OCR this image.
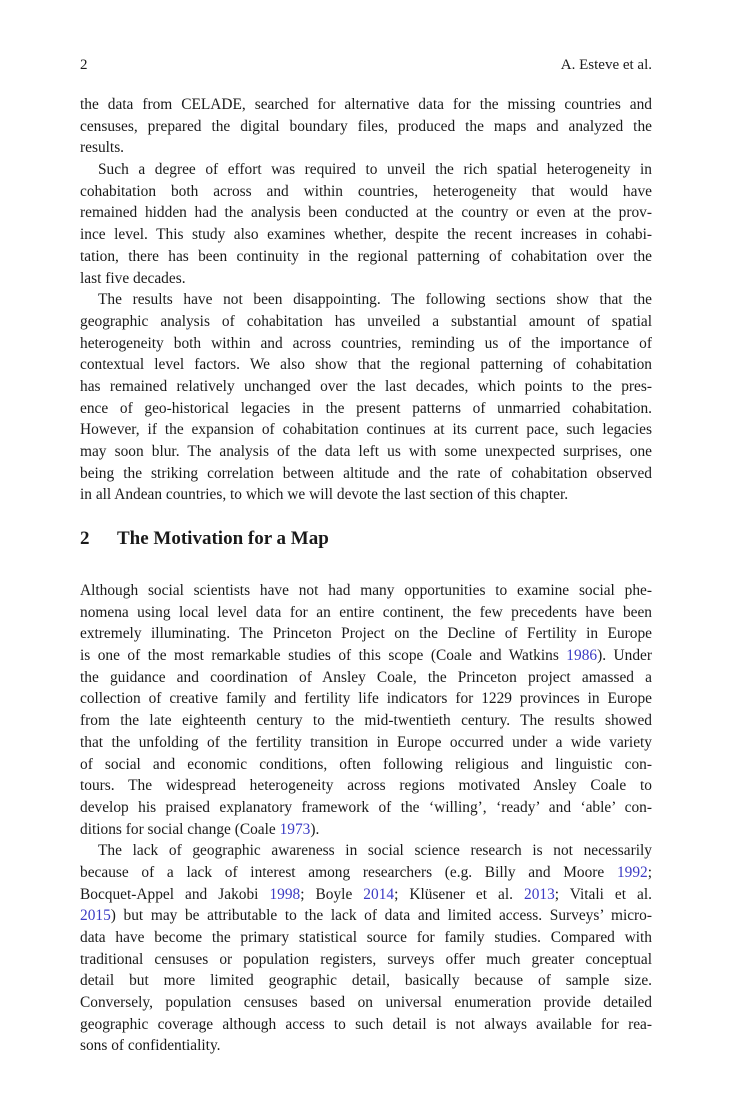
2	A. Esteve et al.
the data from CELADE, searched for alternative data for the missing countries and
censuses, prepared the digital boundary files, produced the maps and analyzed the
results.
Such a degree of effort was required to unveil the rich spatial heterogeneity in
cohabitation both across and within countries, heterogeneity that would have
remained hidden had the analysis been conducted at the country or even at the prov-
ince level. This study also examines whether, despite the recent increases in cohabi-
tation, there has been continuity in the regional patterning of cohabitation over the
last five decades.
The results have not been disappointing. The following sections show that the
geographic analysis of cohabitation has unveiled a substantial amount of spatial
heterogeneity both within and across countries, reminding us of the importance of
contextual level factors. We also show that the regional patterning of cohabitation
has remained relatively unchanged over the last decades, which points to the pres-
ence of geo-historical legacies in the present patterns of unmarried cohabitation.
However, if the expansion of cohabitation continues at its current pace, such legacies
may soon blur. The analysis of the data left us with some unexpected surprises, one
being the striking correlation between altitude and the rate of cohabitation observed
in all Andean countries, to which we will devote the last section of this chapter.
2 The Motivation for a Map
Although social scientists have not had many opportunities to examine social phe-
nomena using local level data for an entire continent, the few precedents have been
extremely illuminating. The Princeton Project on the Decline of Fertility in Europe
is one of the most remarkable studies of this scope (Coale and Watkins 1986). Under
the guidance and coordination of Ansley Coale, the Princeton project amassed a
collection of creative family and fertility life indicators for 1229 provinces in Europe
from the late eighteenth century to the mid-twentieth century. The results showed
that the unfolding of the fertility transition in Europe occurred under a wide variety
of social and economic conditions, often following religious and linguistic con-
tours. The widespread heterogeneity across regions motivated Ansley Coale to
develop his praised explanatory framework of the ‘willing’, ‘ready’ and ‘able’ con-
ditions for social change (Coale 1973).
The lack of geographic awareness in social science research is not necessarily
because of a lack of interest among researchers (e.g. Billy and Moore 1992;
Bocquet-Appel and Jakobi 1998; Boyle 2014; Klüsener et al. 2013; Vitali et al.
2015) but may be attributable to the lack of data and limited access. Surveys’ micro-
data have become the primary statistical source for family studies. Compared with
traditional censuses or population registers, surveys offer much greater conceptual
detail but more limited geographic detail, basically because of sample size.
Conversely, population censuses based on universal enumeration provide detailed
geographic coverage although access to such detail is not always available for rea-
sons of confidentiality.
